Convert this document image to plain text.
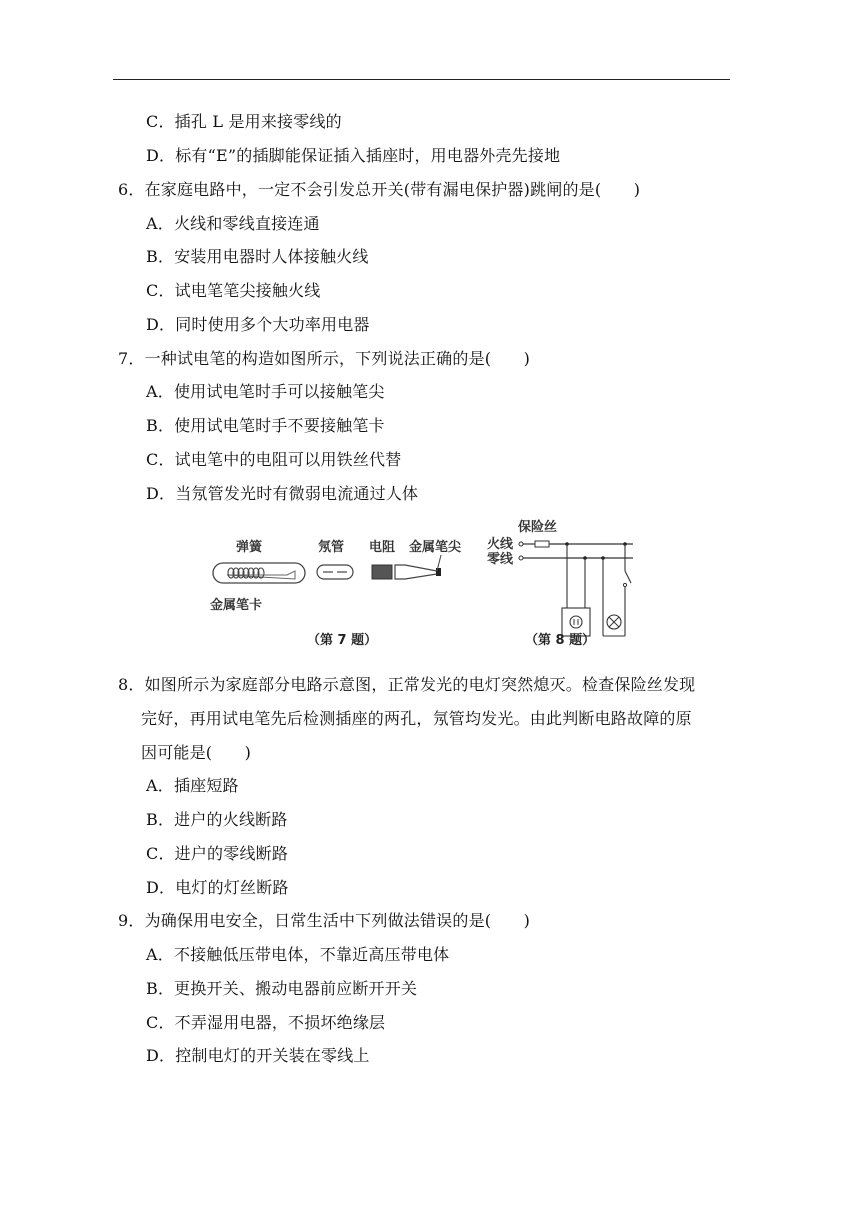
C．插孔 L 是用来接零线的
D．标有“E”的插脚能保证插入插座时，用电器外壳先接地
6．在家庭电路中，一定不会引发总开关(带有漏电保护器)跳闸的是(　　)
A．火线和零线直接连通
B．安装用电器时人体接触火线
C．试电笔笔尖接触火线
D．同时使用多个大功率用电器
7．一种试电笔的构造如图所示，下列说法正确的是(　　)
A．使用试电笔时手可以接触笔尖
B．使用试电笔时手不要接触笔卡
C．试电笔中的电阻可以用铁丝代替
D．当氖管发光时有微弱电流通过人体
弹簧	氖管 电阻 金属笔尖
金属笔卡
（第 7 题）
保险丝
火线
零线
（第 8 题）
8．如图所示为家庭部分电路示意图，正常发光的电灯突然熄灭。检查保险丝发现
完好，再用试电笔先后检测插座的两孔，氖管均发光。由此判断电路故障的原
因可能是(　　)
A．插座短路
B．进户的火线断路
C．进户的零线断路
D．电灯的灯丝断路
9．为确保用电安全，日常生活中下列做法错误的是(　　)
A．不接触低压带电体，不靠近高压带电体
B．更换开关、搬动电器前应断开开关
C．不弄湿用电器，不损坏绝缘层
D．控制电灯的开关装在零线上
